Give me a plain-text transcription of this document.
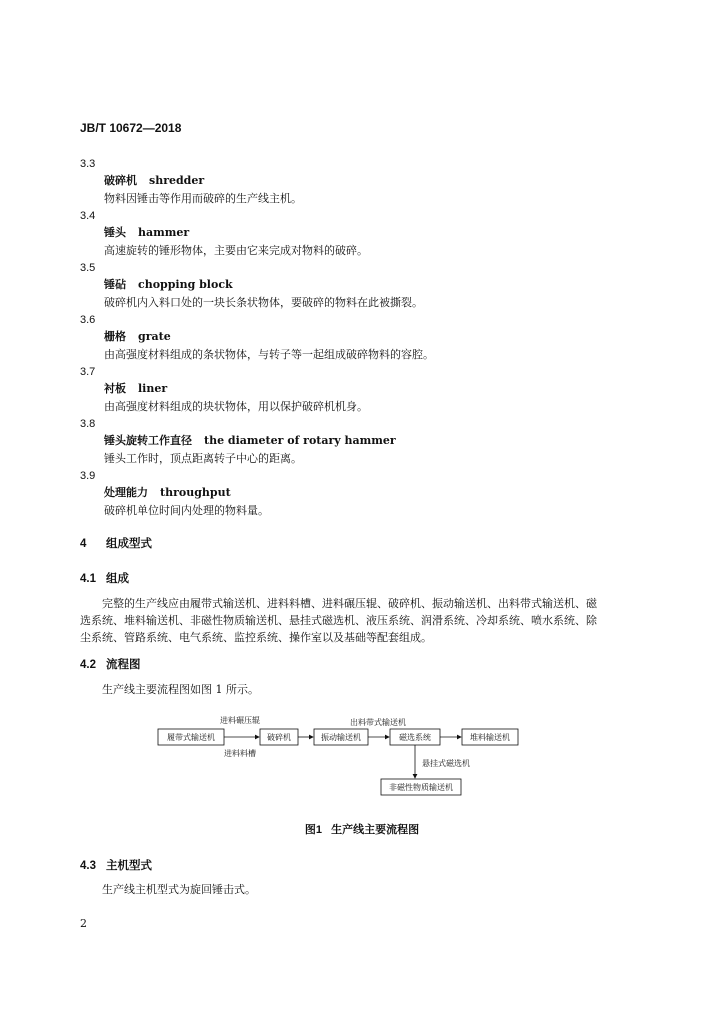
JB/T 10672—2018
3.3
破碎机 shredder
物料因锤击等作用而破碎的生产线主机。
3.4
锤头 hammer
高速旋转的锤形物体，主要由它来完成对物料的破碎。
3.5
锤砧 chopping block
破碎机内入料口处的一块长条状物体，要破碎的物料在此被撕裂。
3.6
栅格 grate
由高强度材料组成的条状物体，与转子等一起组成破碎物料的容腔。
3.7
衬板 liner
由高强度材料组成的块状物体，用以保护破碎机机身。
3.8
锤头旋转工作直径 the diameter of rotary hammer
锤头工作时，顶点距离转子中心的距离。
3.9
处理能力 throughput
破碎机单位时间内处理的物料量。
4 组成型式
4.1 组成
完整的生产线应由履带式输送机、进料料槽、进料碾压辊、破碎机、振动输送机、出料带式输送机、磁选系统、堆料输送机、非磁性物质输送机、悬挂式磁选机、液压系统、润滑系统、冷却系统、喷水系统、除尘系统、管路系统、电气系统、监控系统、操作室以及基础等配套组成。
4.2 流程图
生产线主要流程图如图 1 所示。
履带式输送机	破碎机	振动输送机	磁选系统	堆料输送机
非磁性物质输送机
进料碾压辊
进料料槽
出料带式输送机
悬挂式磁选机
图1   生产线主要流程图
4.3 主机型式
生产线主机型式为旋回锤击式。
2
